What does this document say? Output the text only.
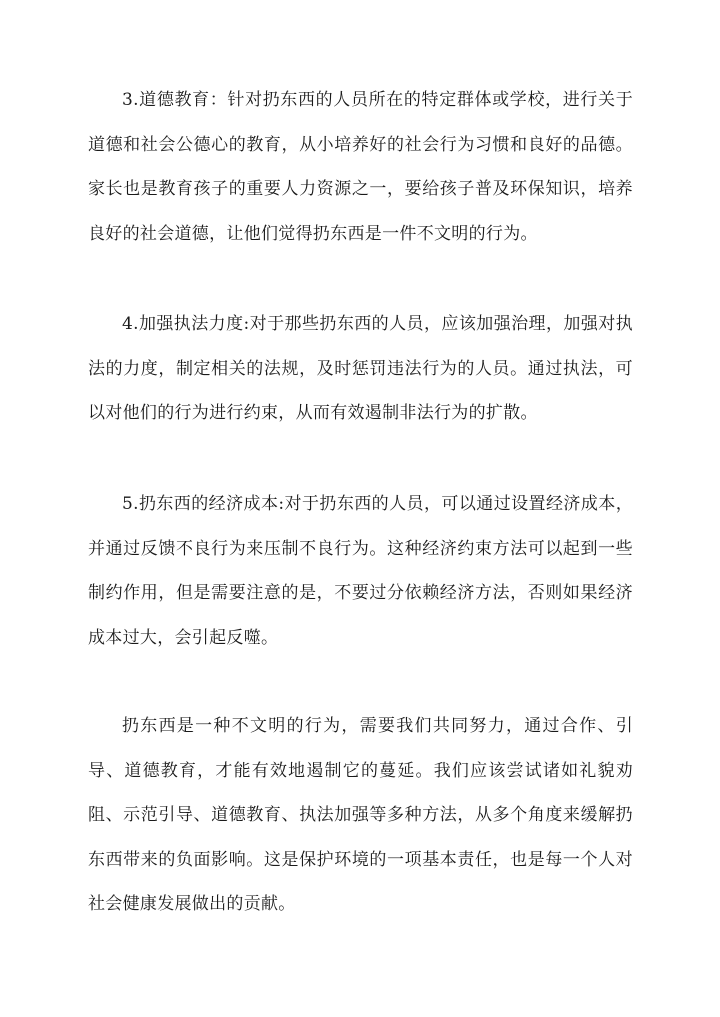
3.道德教育：针对扔东西的人员所在的特定群体或学校，进行关于道德和社会公德心的教育，从小培养好的社会行为习惯和良好的品德。家长也是教育孩子的重要人力资源之一，要给孩子普及环保知识，培养良好的社会道德，让他们觉得扔东西是一件不文明的行为。

4.加强执法力度:对于那些扔东西的人员，应该加强治理，加强对执法的力度，制定相关的法规，及时惩罚违法行为的人员。通过执法，可以对他们的行为进行约束，从而有效遏制非法行为的扩散。

5.扔东西的经济成本:对于扔东西的人员，可以通过设置经济成本，并通过反馈不良行为来压制不良行为。这种经济约束方法可以起到一些制约作用，但是需要注意的是，不要过分依赖经济方法，否则如果经济成本过大，会引起反噬。

扔东西是一种不文明的行为，需要我们共同努力，通过合作、引导、道德教育，才能有效地遏制它的蔓延。我们应该尝试诸如礼貌劝阻、示范引导、道德教育、执法加强等多种方法，从多个角度来缓解扔东西带来的负面影响。这是保护环境的一项基本责任，也是每一个人对社会健康发展做出的贡献。
